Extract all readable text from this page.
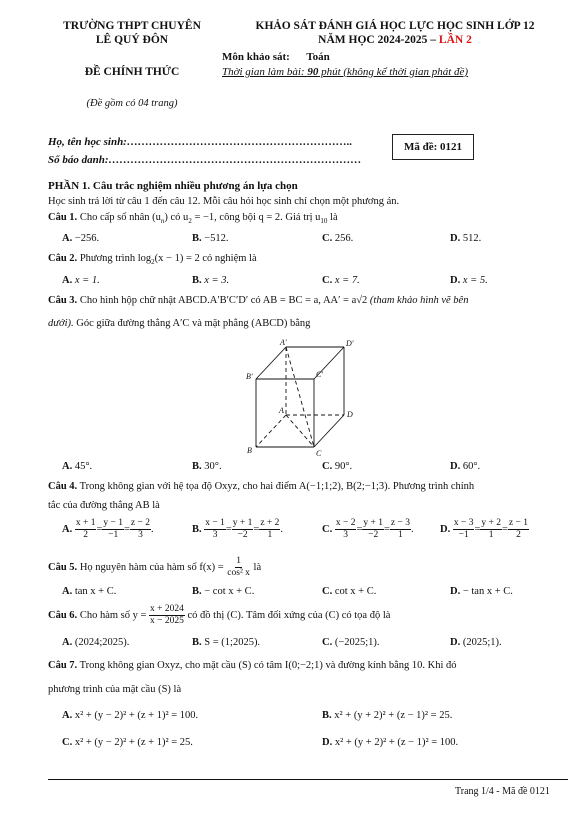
TRƯỜNG THPT CHUYÊN
LÊ QUÝ ĐÔN
ĐỀ CHÍNH THỨC
(Đề gồm có 04 trang)
KHẢO SÁT ĐÁNH GIÁ HỌC LỰC HỌC SINH LỚP 12
NĂM HỌC 2024-2025 – LẦN 2
Môn khảo sát: Toán
Thời gian làm bài: 90 phút (không kể thời gian phát đề)
Họ, tên học sinh:……………………………………………………..
Số báo danh:……………………………………………………………
Mã đề: 0121
PHẦN 1. Câu trắc nghiệm nhiều phương án lựa chọn
Học sinh trả lời từ câu 1 đến câu 12. Mỗi câu hỏi học sinh chỉ chọn một phương án.
Câu 1. Cho cấp số nhân $(u_n)$ có $u_2 = -1$, công bội q = 2. Giá trị $u_{10}$ là
A. −256.	B. −512.	C. 256.	D. 512.
Câu 2. Phương trình $\log_2(x - 1) = 2$ có nghiệm là
A. x = 1.	B. x = 3.	C. x = 7.	D. x = 5.
Câu 3. Cho hình hộp chữ nhật ABCD.A′B′C′D′ có AB = BC = a, AA′ = a√2 (tham khảo hình vẽ bên
dưới). Góc giữa đường thẳng A′C và mặt phẳng (ABCD) bằng
A′	D′
B′	C′
A	D
B	C
A. 45°.	B. 30°.	C. 90°.	D. 60°.
Câu 4. Trong không gian với hệ tọa độ Oxyz, cho hai điểm A(−1;1;2), B(2;−1;3). Phương trình chính
tắc của đường thẳng AB là
A. $\frac{x + 1}{2} = \frac{y - 1}{-1} = \frac{z - 2}{3}$ .	B. $\frac{x - 1}{3} = \frac{y + 1}{-2} = \frac{z + 2}{1}$ .	C. $\frac{x - 2}{3} = \frac{y + 1}{-2} = \frac{z - 3}{1}$ .	D. $\frac{x - 3}{-1} = \frac{y + 2}{1} = \frac{z - 1}{2}$
Câu 5. Họ nguyên hàm của hàm số $f(x) = \frac{1}{\text{cos² x}}$ là
A. tan x + C.	B. − cot x + C.	C. cot x + C.	D. − tan x + C.
Câu 6. Cho hàm số $y = \frac{x + 2024}{x - 2025}$ có đồ thị (C). Tâm đối xứng của (C) có tọa độ là
A. (2024;2025).	B. S = (1;2025).	C. (−2025;1).	D. (2025;1).
Câu 7. Trong không gian Oxyz, cho mặt cầu (S) có tâm I(0;−2;1) và đường kính bằng 10. Khi đó
phương trình của mặt cầu (S) là
A. x² + (y − 2)² + (z + 1)² = 100.	B. x² + (y + 2)² + (z − 1)² = 25.
C. x² + (y − 2)² + (z + 1)² = 25.	D. x² + (y + 2)² + (z − 1)² = 100.
Trang 1/4 - Mã đề 0121
